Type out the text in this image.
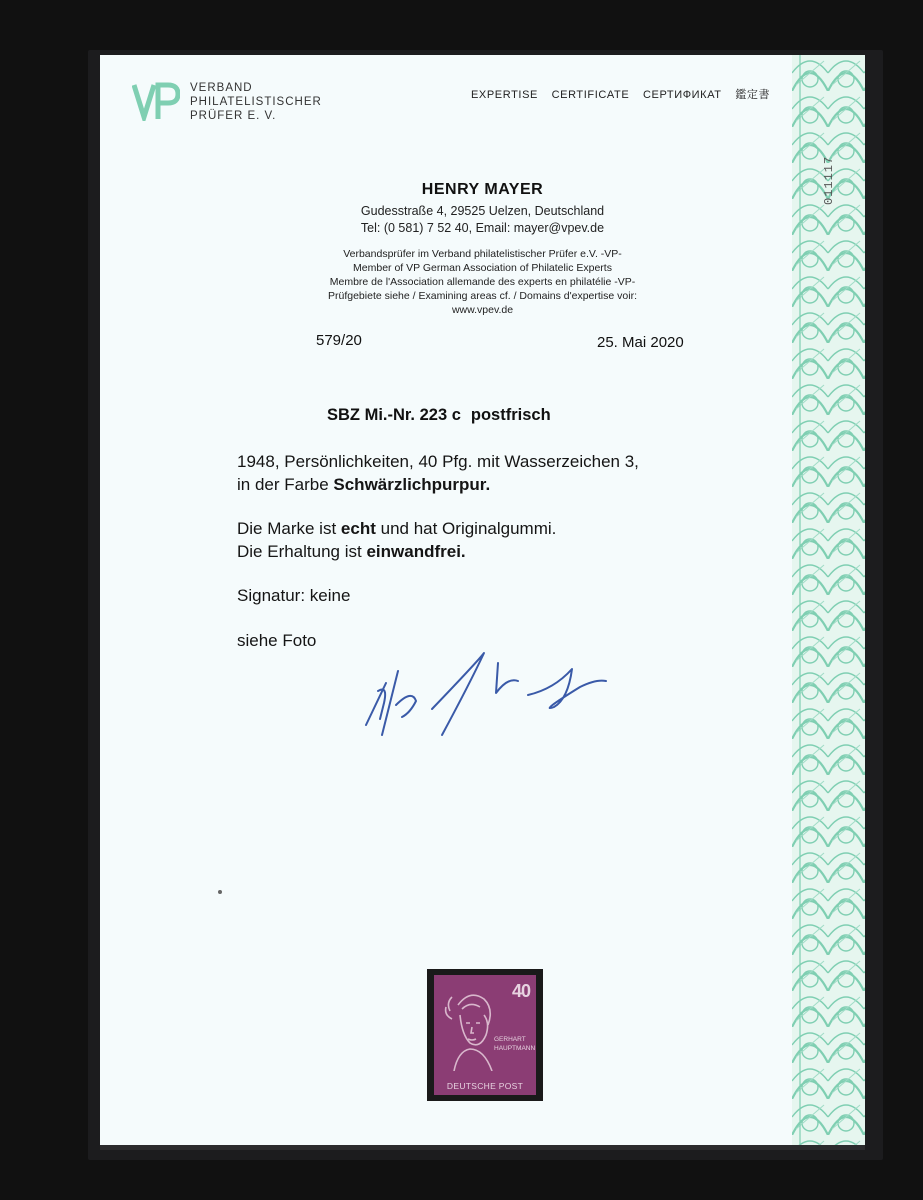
VERBAND
PHILATELISTISCHER
PRÜFER E. V.
EXPERTISE CERTIFICATE СЕРТИФИКАТ 鑑定書
HENRY MAYER
Gudesstraße 4, 29525 Uelzen, Deutschland
Tel: (0 581) 7 52 40, Email: mayer@vpev.de
Verbandsprüfer im Verband philatelistischer Prüfer e.V. -VP-
Member of VP German Association of Philatelic Experts
Membre de l'Association allemande des experts en philatélie -VP-
Prüfgebiete siehe / Examining areas cf. / Domains d'expertise voir:
www.vpev.de
579/20	25. Mai 2020
SBZ Mi.-Nr. 223 c postfrisch
1948, Persönlichkeiten, 40 Pfg. mit Wasserzeichen 3,
in der Farbe Schwärzlichpurpur.
Die Marke ist echt und hat Originalgummi.
Die Erhaltung ist einwandfrei.
Signatur: keine
siehe Foto
011117
40
GERHART
HAUPTMANN
DEUTSCHE POST
